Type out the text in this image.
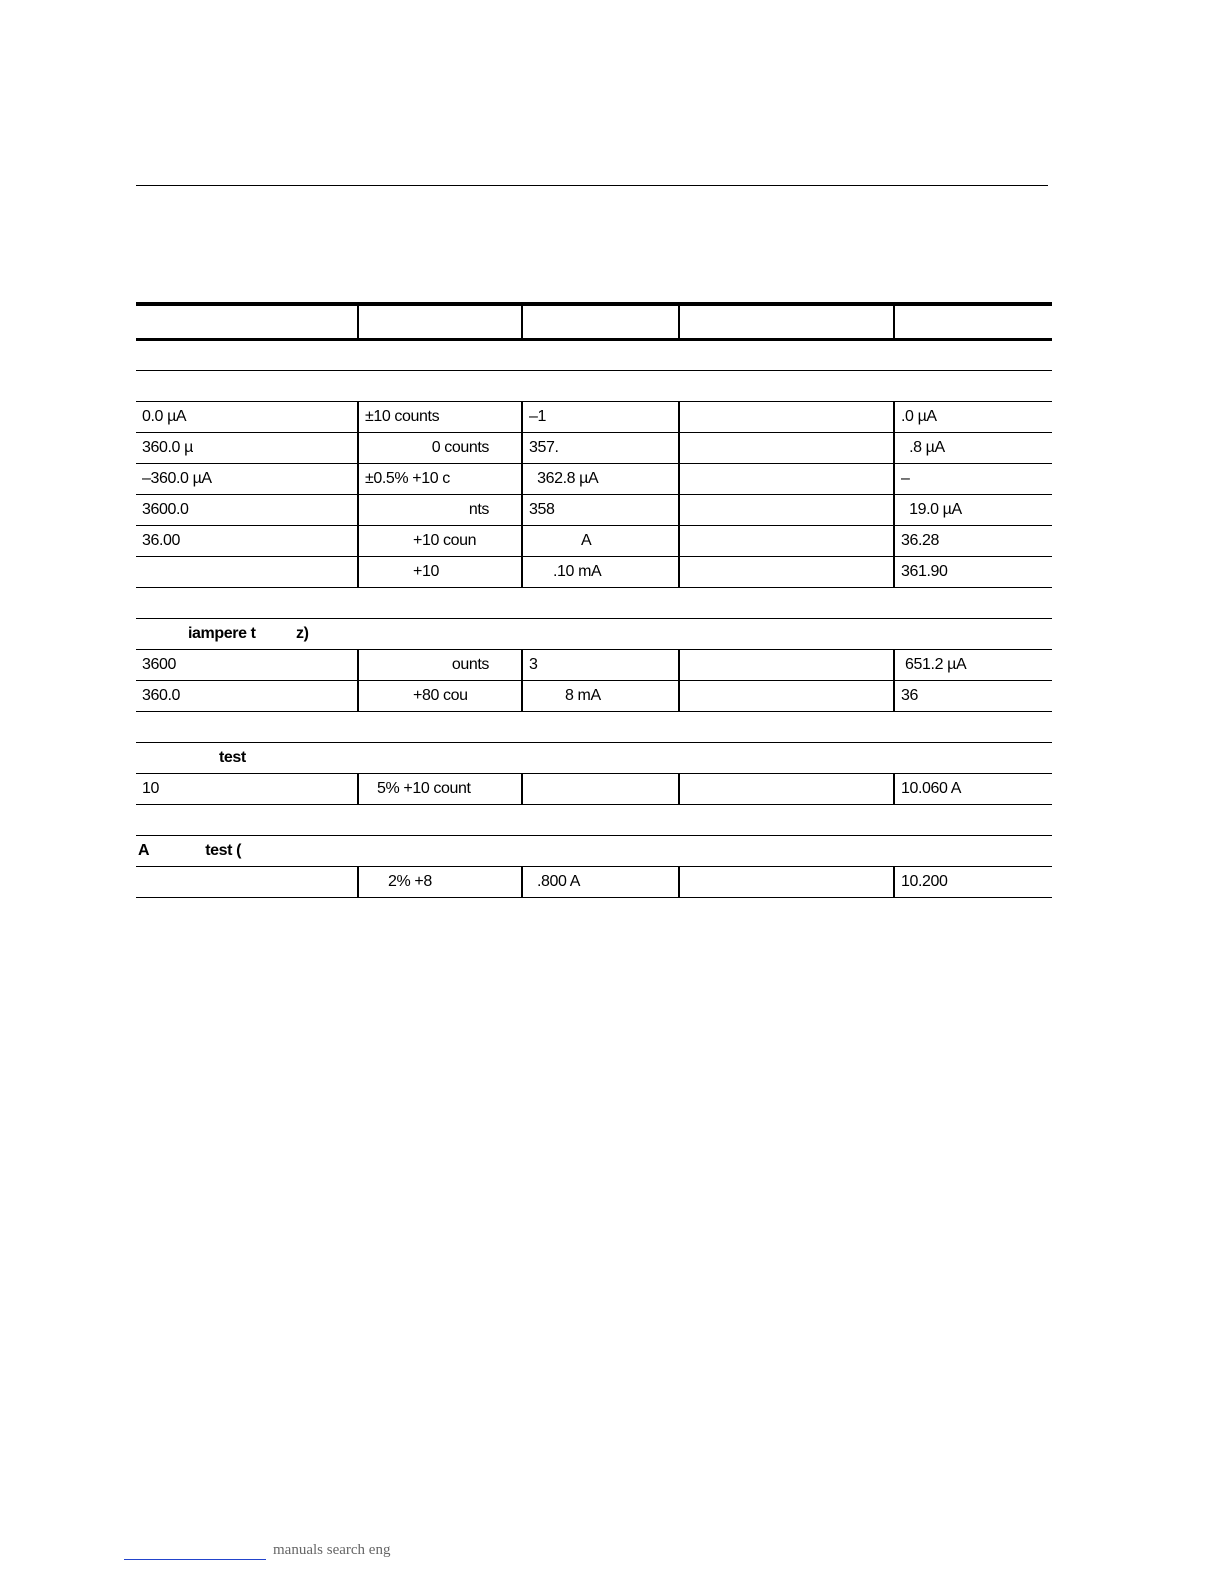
0.0 µA	±10 counts	–1		.0 µA
360.0 µ	0 counts	357.		.8 µA
–360.0 µA	±0.5% +10 c	362.8 µA		–
3600.0	nts	358		19.0 µA
36.00	+10 coun	A		36.28
	+10	.10 mA		361.90

iampere t          z)				
3600	ounts	3		651.2 µA
360.0	+80 cou	8 mA		36

test				
10	5% +10 count			10.060 A

A              test (				
	2% +8	.800 A		10.200
manuals search eng
